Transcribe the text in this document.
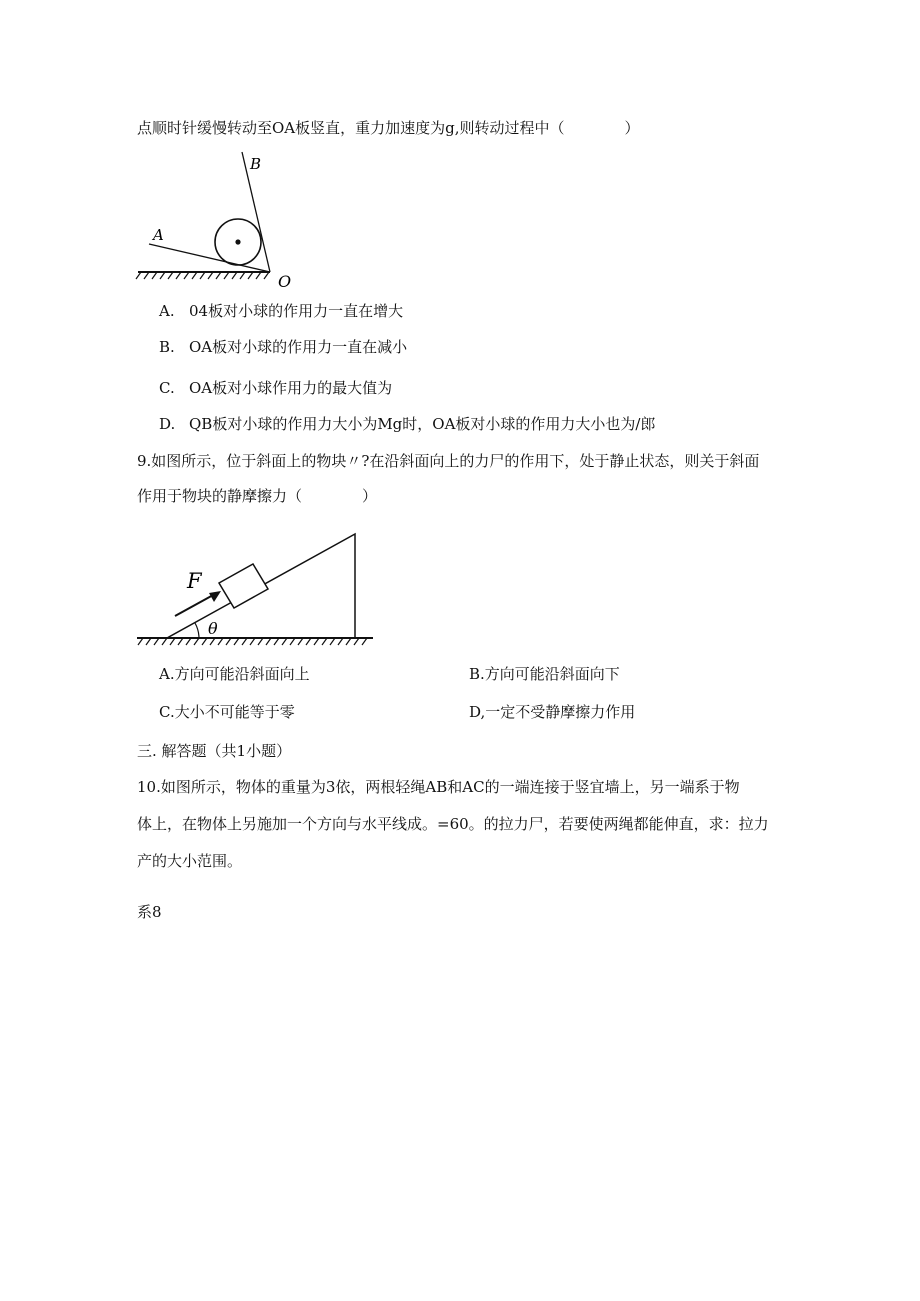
点顺时针缓慢转动至OA板竖直，重力加速度为g,则转动过程中（　　　　）
A
B
O
A. 04板对小球的作用力一直在增大
B. OA板对小球的作用力一直在减小
C. OA板对小球作用力的最大值为
D. QB板对小球的作用力大小为Mg时，OA板对小球的作用力大小也为/郎
9.如图所示，位于斜面上的物块〃?在沿斜面向上的力尸的作用下，处于静止状态，则关于斜面
作用于物块的静摩擦力（　　　　）
θ
F
A.方向可能沿斜面向上	B.方向可能沿斜面向下
C.大小不可能等于零	D,一定不受静摩擦力作用
三. 解答题（共1小题）
10.如图所示，物体的重量为3依，两根轻绳AB和AC的一端连接于竖宜墙上，另一端系于物
体上，在物体上另施加一个方向与水平线成。=60。的拉力尸，若要使两绳都能伸直，求：拉力
产的大小范围。
系8
